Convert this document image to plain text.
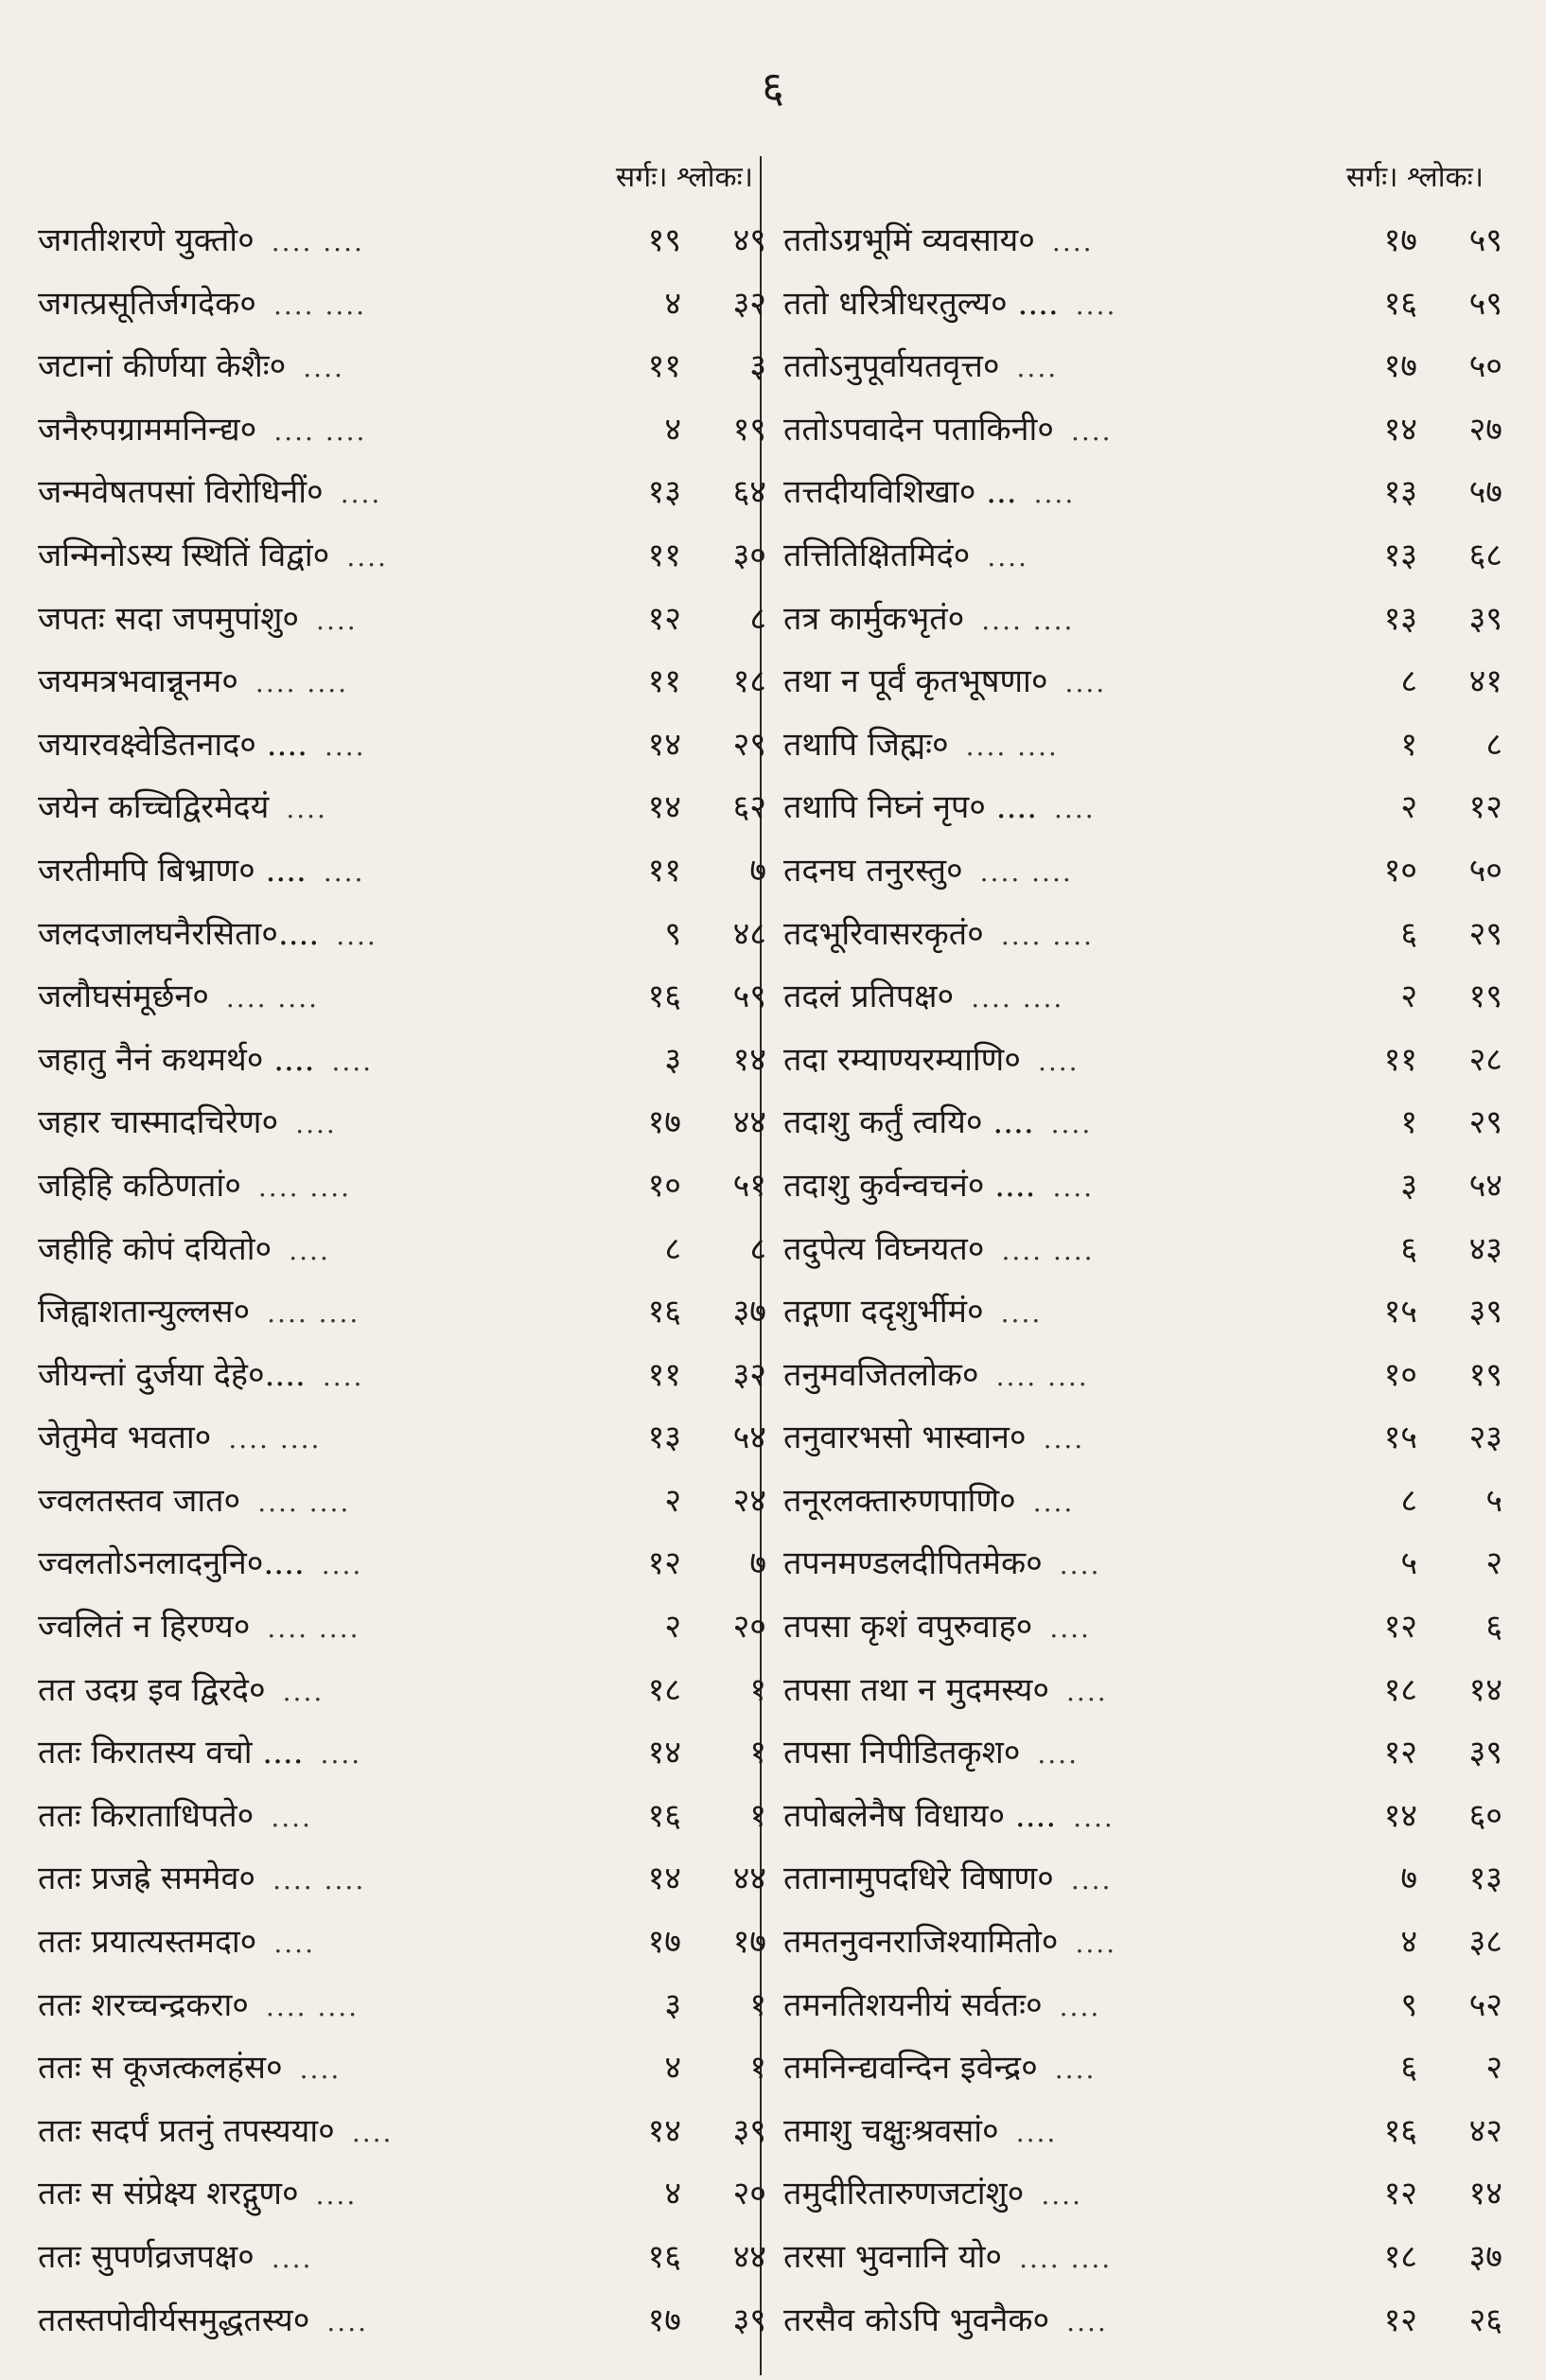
६
सर्गः। श्लोकः।
जगतीशरणे युक्तो० .... ....	१९	४९
जगत्प्रसूतिर्जगदेक० .... ....	४	३२
जटानां कीर्णया केशैः० ....	११	३
जनैरुपग्राममनिन्द्य० .... ....	४	१९
जन्मवेषतपसां विरोधिनीं० ....	१३	६४
जन्मिनोऽस्य स्थितिं विद्वां० ....	११	३०
जपतः सदा जपमुपांशु० ....	१२	८
जयमत्रभवान्नूनम० .... ....	११	१८
जयारवक्ष्वेडितनाद० .... ....	१४	२९
जयेन कच्चिद्विरमेदयं ....	१४	६२
जरतीमपि बिभ्राण० .... ....	११	७
जलदजालघनैरसिता०.... ....	९	४८
जलौघसंमूर्छन० .... ....	१६	५९
जहातु नैनं कथमर्थ० .... ....	३	१४
जहार चास्मादचिरेण० ....	१७	४४
जहिहि कठिणतां० .... ....	१०	५१
जहीहि कोपं दयितो० ....	८	८
जिह्वाशतान्युल्लस० .... ....	१६	३७
जीयन्तां दुर्जया देहे०.... ....	११	३२
जेतुमेव भवता० .... ....	१३	५४
ज्वलतस्तव जात० .... ....	२	२४
ज्वलतोऽनलादनुनि०.... ....	१२	७
ज्वलितं न हिरण्य० .... ....	२	२०
तत उदग्र इव द्विरदे० ....	१८	१
ततः किरातस्य वचो .... ....	१४	१
ततः किराताधिपते० ....	१६	१
ततः प्रजह्रे सममेव० .... ....	१४	४४
ततः प्रयात्यस्तमदा० ....	१७	१७
ततः शरच्चन्द्रकरा० .... ....	३	१
ततः स कूजत्कलहंस० ....	४	१
ततः सदर्पं प्रतनुं तपस्यया० ....	१४	३९
ततः स संप्रेक्ष्य शरद्गुण० ....	४	२०
ततः सुपर्णव्रजपक्ष० ....	१६	४४
ततस्तपोवीर्यसमुद्धतस्य० ....	१७	३९
सर्गः। श्लोकः।
ततोऽग्रभूमिं व्यवसाय० ....	१७	५९
ततो धरित्रीधरतुल्य० .... ....	१६	५९
ततोऽनुपूर्वायतवृत्त० ....	१७	५०
ततोऽपवादेन पताकिनी० ....	१४	२७
तत्तदीयविशिखा० ... ....	१३	५७
तत्तितिक्षितमिदं० ....	१३	६८
तत्र कार्मुकभृतं० .... ....	१३	३९
तथा न पूर्वं कृतभूषणा० ....	८	४१
तथापि जिह्मः० .... ....	१	८
तथापि निघ्नं नृप० .... ....	२	१२
तदनघ तनुरस्तु० .... ....	१०	५०
तदभूरिवासरकृतं० .... ....	६	२९
तदलं प्रतिपक्ष० .... ....	२	१९
तदा रम्याण्यरम्याणि० ....	११	२८
तदाशु कर्तुं त्वयि० .... ....	१	२९
तदाशु कुर्वन्वचनं० .... ....	३	५४
तदुपेत्य विघ्नयत० .... ....	६	४३
तद्गणा ददृशुर्भीमं० ....	१५	३९
तनुमवजितलोक० .... ....	१०	१९
तनुवारभसो भास्वान० ....	१५	२३
तनूरलक्तारुणपाणि० ....	८	५
तपनमण्डलदीपितमेक० ....	५	२
तपसा कृशं वपुरुवाह० ....	१२	६
तपसा तथा न मुदमस्य० ....	१८	१४
तपसा निपीडितकृश० ....	१२	३९
तपोबलेनैष विधाय० .... ....	१४	६०
ततानामुपदधिरे विषाण० ....	७	१३
तमतनुवनराजिश्यामितो० ....	४	३८
तमनतिशयनीयं सर्वतः० ....	९	५२
तमनिन्द्यवन्दिन इवेन्द्र० ....	६	२
तमाशु चक्षुःश्रवसां० ....	१६	४२
तमुदीरितारुणजटांशु० ....	१२	१४
तरसा भुवनानि यो० .... ....	१८	३७
तरसैव कोऽपि भुवनैक० ....	१२	२६
